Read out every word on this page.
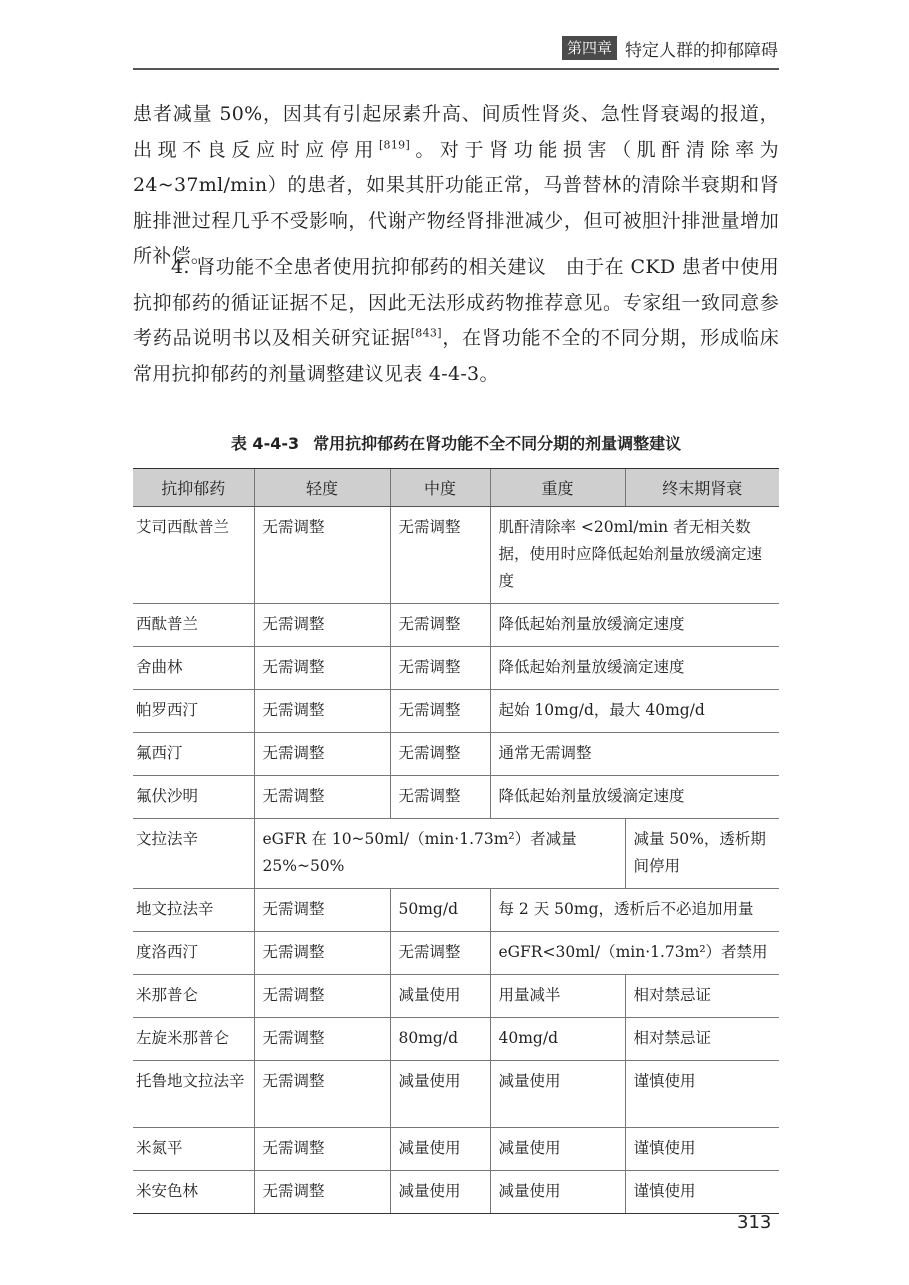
第四章 特定人群的抑郁障碍

患者减量 50%，因其有引起尿素升高、间质性肾炎、急性肾衰竭的报道，出现不良反应时应停用[819]。对于肾功能损害（肌酐清除率为 24~37ml/min）的患者，如果其肝功能正常，马普替林的清除半衰期和肾脏排泄过程几乎不受影响，代谢产物经肾排泄减少，但可被胆汁排泄量增加所补偿。

4. 肾功能不全患者使用抗抑郁药的相关建议 由于在 CKD 患者中使用抗抑郁药的循证证据不足，因此无法形成药物推荐意见。专家组一致同意参考药品说明书以及相关研究证据[843]，在肾功能不全的不同分期，形成临床常用抗抑郁药的剂量调整建议见表 4-4-3。

表 4-4-3 常用抗抑郁药在肾功能不全不同分期的剂量调整建议
抗抑郁药	轻度	中度	重度	终末期肾衰
艾司西酞普兰	无需调整	无需调整	肌酐清除率 <20ml/min 者无相关数据，使用时应降低起始剂量放缓滴定速度	
西酞普兰	无需调整	无需调整	降低起始剂量放缓滴定速度	
舍曲林	无需调整	无需调整	降低起始剂量放缓滴定速度	
帕罗西汀	无需调整	无需调整	起始 10mg/d，最大 40mg/d	
氟西汀	无需调整	无需调整	通常无需调整	
氟伏沙明	无需调整	无需调整	降低起始剂量放缓滴定速度	
文拉法辛	eGFR 在 10~50ml/（min·1.73m²）者减量 25%~50%			减量 50%，透析期间停用
地文拉法辛	无需调整	50mg/d	每 2 天 50mg，透析后不必追加用量	
度洛西汀	无需调整	无需调整	eGFR<30ml/（min·1.73m²）者禁用	
米那普仑	无需调整	减量使用	用量减半	相对禁忌证
左旋米那普仑	无需调整	80mg/d	40mg/d	相对禁忌证
托鲁地文拉法辛	无需调整	减量使用	减量使用	谨慎使用
米氮平	无需调整	减量使用	减量使用	谨慎使用
米安色林	无需调整	减量使用	减量使用	谨慎使用
313
